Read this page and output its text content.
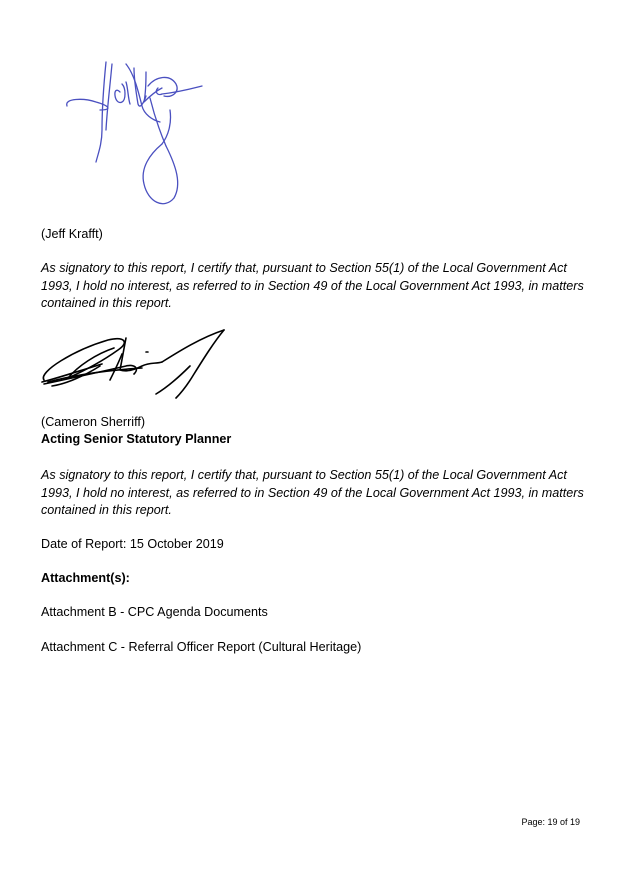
(Jeff Krafft)
As signatory to this report, I certify that, pursuant to Section 55(1) of the Local Government Act
1993, I hold no interest, as referred to in Section 49 of the Local Government Act 1993, in matters
contained in this report.
(Cameron Sherriff)
Acting Senior Statutory Planner
As signatory to this report, I certify that, pursuant to Section 55(1) of the Local Government Act
1993, I hold no interest, as referred to in Section 49 of the Local Government Act 1993, in matters
contained in this report.
Date of Report: 15 October 2019
Attachment(s):
Attachment B - CPC Agenda Documents
Attachment C - Referral Officer Report (Cultural Heritage)
Page: 19 of 19
